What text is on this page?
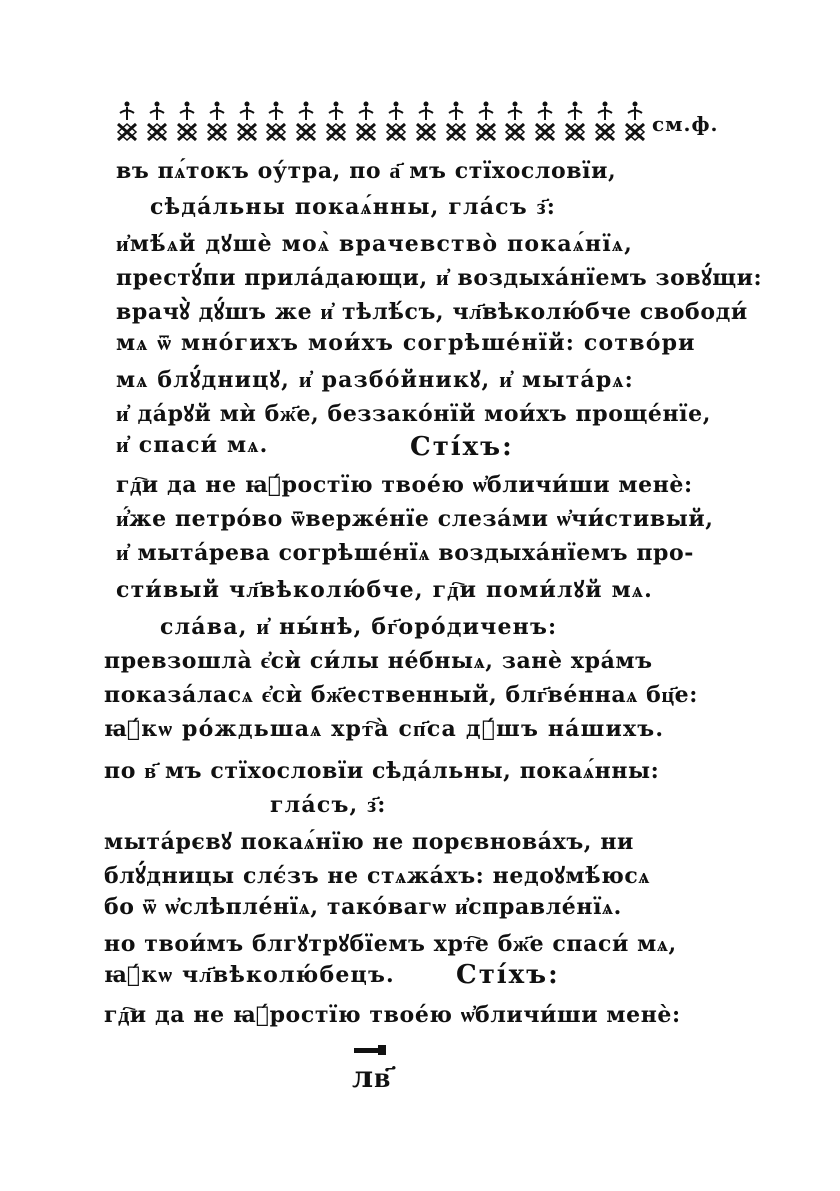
см.ф.
въ пѧ́токъ оу́тра, по а҃ мъ стїхословїи,
сѣда́льны покаѧ́нны, гла́съ з҃:
и҆мѣ́ѧй дꙋшѐ моѧ̀ врачевство̀ покаѧ́нїѧ,
престꙋ́пи прила́дающи, и҆ воздыха́нїемъ зовꙋ́щи:
врачꙋ̀ дꙋ́шъ же и҆ тѣлѣ́съ, чл҃вѣколю́бче свободи́
мѧ ѿ мно́гихъ мои́хъ согрѣше́нїй: сотво́ри
мѧ блꙋ́дницꙋ, и҆ разбо́йникꙋ, и҆ мыта́рѧ:
и҆ да́рꙋй мѝ бж҃е, беззако́нїй мои́хъ проще́нїе,
и҆ спаси́ мѧ.	Сті́хъ:
гд҇и да не ꙗ҆́ростїю твое́ю ѡ҆бличи́ши менѐ:
и҆́же петро́во ѿверже́нїе слеза́ми ѡ҆чи́стивый,
и҆ мыта́рева согрѣше́нїѧ воздыха́нїемъ про-
сти́вый чл҃вѣколю́бче, гд҇и поми́лꙋй мѧ.
сла́ва, и҆ ны́нѣ, бг҃оро́диченъ:
превзошла̀ є҆сѝ си́лы не́бныѧ, занѐ хра́мъ
показа́ласѧ є҆сѝ бж҃ественный, блг҃ве́ннаѧ бц҃е:
ꙗ҆́кѡ ро́ждьшаѧ хрт҇а̀ сп҃са дꙋ́шъ на́шихъ.
по в҃ мъ стїхословїи сѣда́льны, покаѧ́нны:
гла́съ, з҃:
мыта́рєвꙋ покаѧ́нїю не порєвнова́хъ, ни
блꙋ́дницы слє́зъ не стѧжа́хъ: недоꙋмѣ́юсѧ
бо ѿ ѡ҆слѣпле́нїѧ, тако́вагѡ и҆справле́нїѧ.
но твои́мъ блгꙋтрꙋбїемъ хрт҇е бж҃е спаси́ мѧ,
ꙗ҆́кѡ чл҃вѣколю́бецъ. Сті́хъ:
гд҇и да не ꙗ҆́ростїю твое́ю ѡ҆бличи́ши менѐ:
лв҃
